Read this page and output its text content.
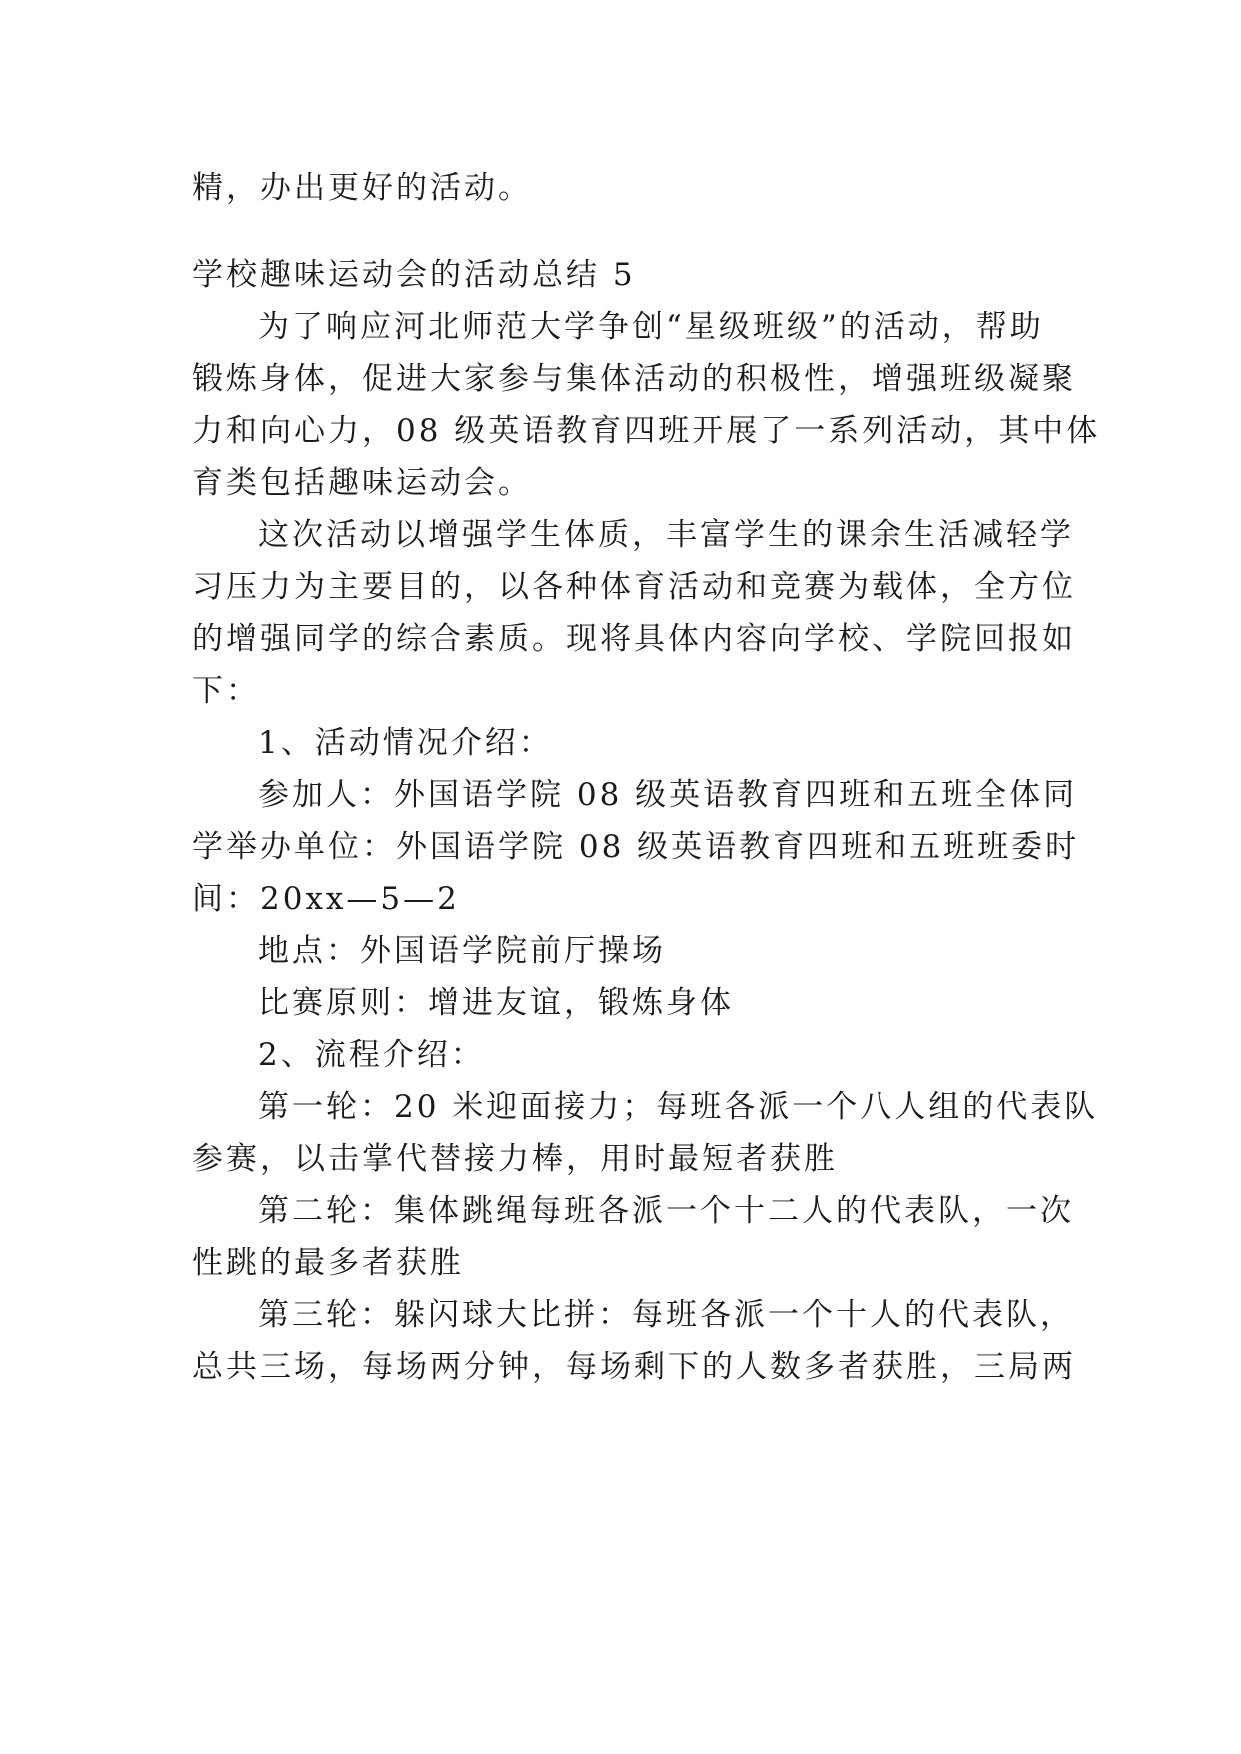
精，办出更好的活动。
学校趣味运动会的活动总结 5
为了响应河北师范大学争创“星级班级”的活动，帮助
锻炼身体，促进大家参与集体活动的积极性，增强班级凝聚
力和向心力，08 级英语教育四班开展了一系列活动，其中体
育类包括趣味运动会。
这次活动以增强学生体质，丰富学生的课余生活减轻学
习压力为主要目的，以各种体育活动和竞赛为载体，全方位
的增强同学的综合素质。现将具体内容向学校、学院回报如
下：
1、活动情况介绍：
参加人：外国语学院 08 级英语教育四班和五班全体同
学举办单位：外国语学院 08 级英语教育四班和五班班委时
间：20xx—5—2
地点：外国语学院前厅操场
比赛原则：增进友谊，锻炼身体
2、流程介绍：
第一轮：20 米迎面接力；每班各派一个八人组的代表队
参赛，以击掌代替接力棒，用时最短者获胜
第二轮：集体跳绳每班各派一个十二人的代表队，一次
性跳的最多者获胜
第三轮：躲闪球大比拼：每班各派一个十人的代表队，
总共三场，每场两分钟，每场剩下的人数多者获胜，三局两
